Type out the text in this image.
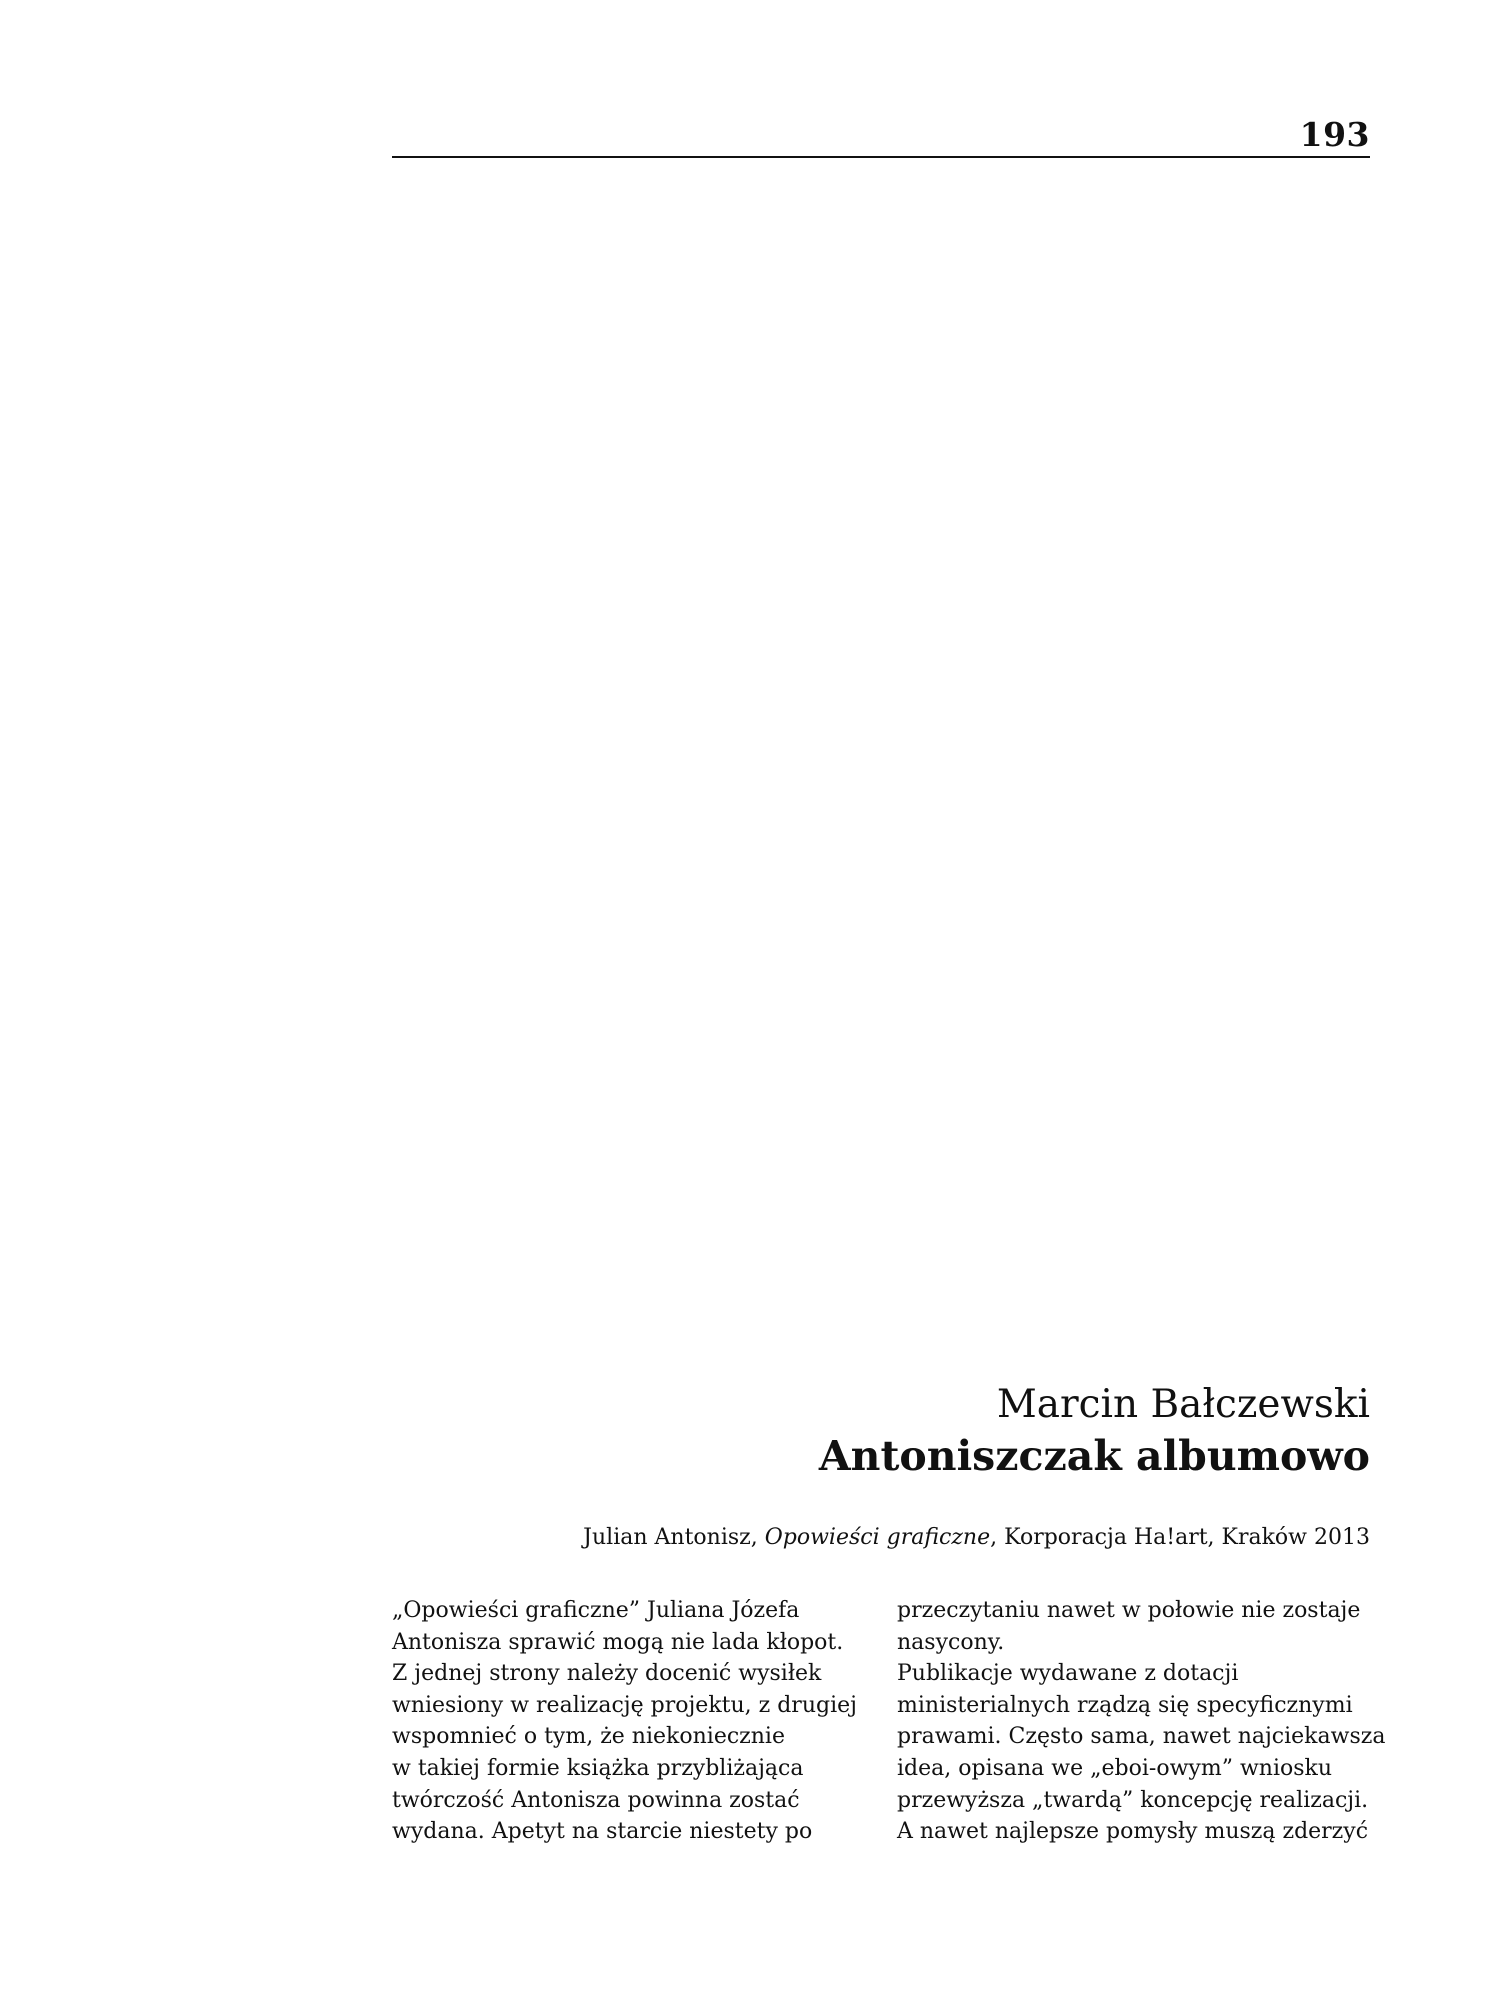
193
Marcin Bałczewski
Antoniszczak albumowo
Julian Antonisz, Opowieści graficzne, Korporacja Ha!art, Kraków 2013
„Opowieści graficzne” Juliana Józefa
Antonisza sprawić mogą nie lada kłopot.
Z jednej strony należy docenić wysiłek
wniesiony w realizację projektu, z drugiej
wspomnieć o tym, że niekoniecznie
w takiej formie książka przybliżająca
twórczość Antonisza powinna zostać
wydana. Apetyt na starcie niestety po
przeczytaniu nawet w połowie nie zostaje
nasycony.
Publikacje wydawane z dotacji
ministerialnych rządzą się specyficznymi
prawami. Często sama, nawet najciekawsza
idea, opisana we „eboi-owym” wniosku
przewyższa „twardą” koncepcję realizacji.
A nawet najlepsze pomysły muszą zderzyć
